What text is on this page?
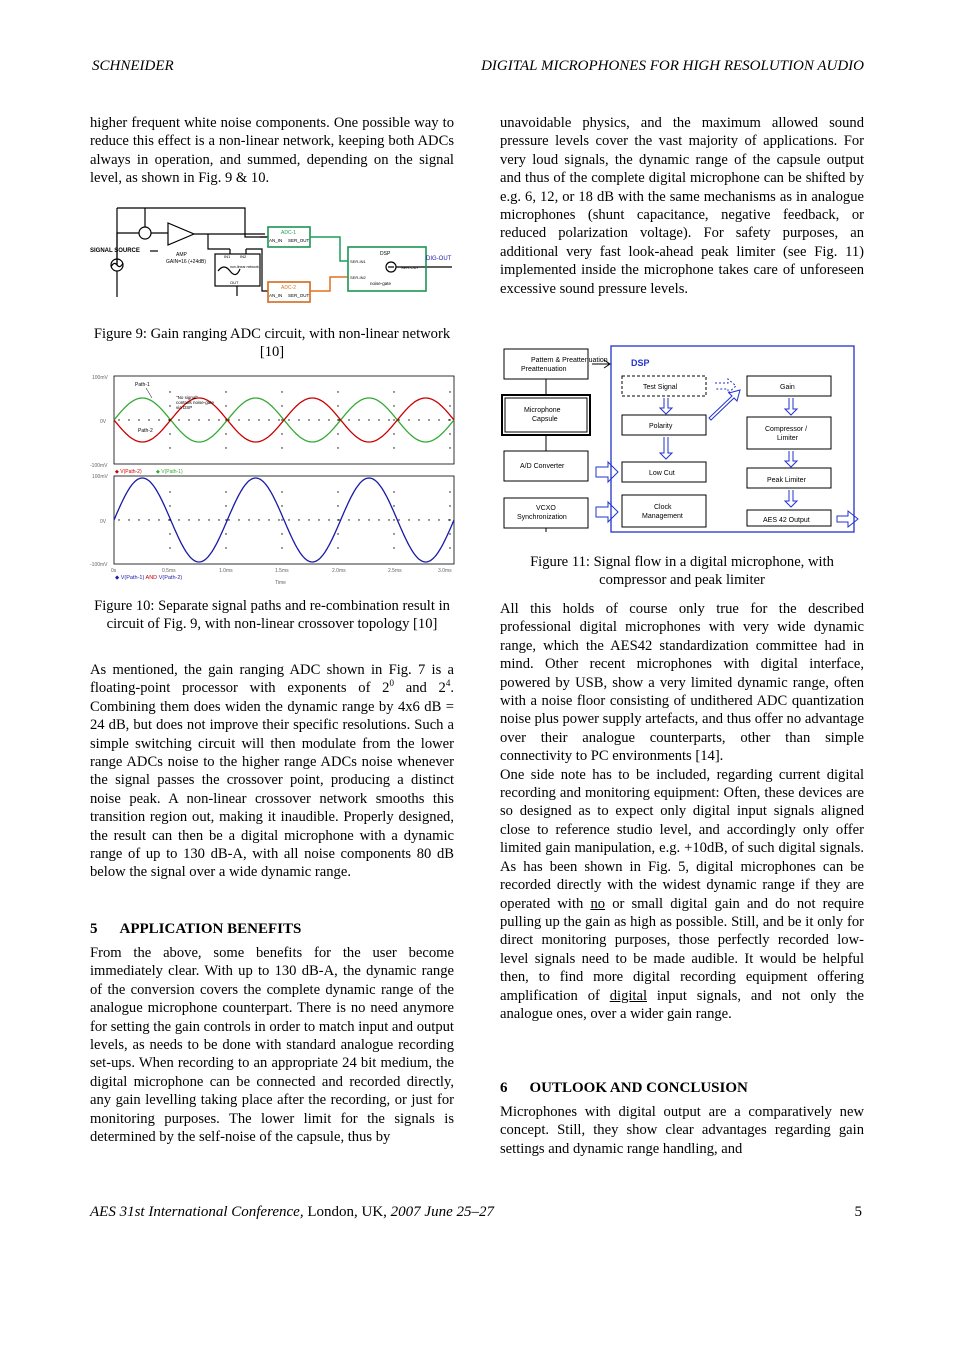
SCHNEIDER	DIGITAL MICROPHONES FOR HIGH RESOLUTION AUDIO

higher frequent white noise components. One possible way to reduce this effect is a non-linear network, keeping both ADCs always in operation, and summed, depending on the signal level, as shown in Fig. 9 & 10.

SIGNAL SOURCE
AMP
GAIN=16 (+24dB)
IN1 IN2
non-linear network
OUT
ADC-1
AN_IN SER_OUT
ADC-2
AN_IN SER_OUT
DSP
SER-IN1
SER-IN2
noise-gate
SER-OUT
DIG-OUT
Figure 9: Gain ranging ADC circuit, with non-linear network [10]
100mV
0V
-100mV
100mV
0V
-100mV
Path-1
Path-2
"No signal"
controls noise-gate
via DSP
◆ V(Path-2)	◆ V(Path-1)
0s	0.5ms	1.0ms	1.5ms	2.0ms	2.5ms	3.0ms
Time
◆ V(Path-1) AND V(Path-2)
Figure 10: Separate signal paths and re-combination result in circuit of Fig. 9, with non-linear crossover topology [10]

As mentioned, the gain ranging ADC shown in Fig. 7 is a floating-point processor with exponents of $2^0$ and $2^4$. Combining them does widen the dynamic range by 4x6 dB = 24 dB, but does not improve their specific resolutions. Such a simple switching circuit will then modulate from the lower range ADCs noise to the higher range ADCs noise whenever the signal passes the crossover point, producing a distinct noise peak. A non-linear crossover network smooths this transition region out, making it inaudible. Properly designed, the result can then be a digital microphone with a dynamic range of up to 130 dB-A, with all noise components 80 dB below the signal over a wide dynamic range.

5 APPLICATION BENEFITS

From the above, some benefits for the user become immediately clear. With up to 130 dB-A, the dynamic range of the conversion covers the complete dynamic range of the analogue microphone counterpart. There is no need anymore for setting the gain controls in order to match input and output levels, as needs to be done with standard analogue recording set-ups. When recording to an appropriate 24 bit medium, the digital microphone can be connected and recorded directly, any gain levelling taking place after the recording, or just for monitoring purposes. The lower limit for the signals is determined by the self-noise of the capsule, thus by

unavoidable physics, and the maximum allowed sound pressure levels cover the vast majority of applications. For very loud signals, the dynamic range of the capsule output and thus of the complete digital microphone can be shifted by e.g. 6, 12, or 18 dB with the same mechanisms as in analogue microphones (shunt capacitance, negative feedback, or reduced polarization voltage). For safety purposes, an additional very fast look-ahead peak limiter (see Fig. 11) implemented inside the microphone takes care of unforeseen excessive sound pressure levels.

Pattern & Preattenuation
Preattenuation
Microphone
Capsule
A/D Converter
VCXO
Synchronization
DSP
Test Signal
Polarity
Low Cut
Clock
Management
Gain
Compressor /
Limiter
Peak Limiter
AES 42 Output
Figure 11: Signal flow in a digital microphone, with compressor and peak limiter

All this holds of course only true for the described professional digital microphones with very wide dynamic range, which the AES42 standardization committee had in mind. Other recent microphones with digital interface, powered by USB, show a very limited dynamic range, often with a noise floor consisting of undithered ADC quantization noise plus power supply artefacts, and thus offer no advantage over their analogue counterparts, other than simple connectivity to PC environments [14].

One side note has to be included, regarding current digital recording and monitoring equipment: Often, these devices are so designed as to expect only digital input signals aligned close to reference studio level, and accordingly only offer limited gain manipulation, e.g. +10dB, of such digital signals. As has been shown in Fig. 5, digital microphones can be recorded directly with the widest dynamic range if they are operated with no or small digital gain and do not require pulling up the gain as high as possible. Still, and be it only for direct monitoring purposes, those perfectly recorded low-level signals need to be made audible. It would be helpful then, to find more digital recording equipment offering amplification of digital input signals, and not only the analogue ones, over a wider gain range.

6 OUTLOOK AND CONCLUSION

Microphones with digital output are a comparatively new concept. Still, they show clear advantages regarding gain settings and dynamic range handling, and

AES 31st International Conference, London, UK, 2007 June 25–27	5
